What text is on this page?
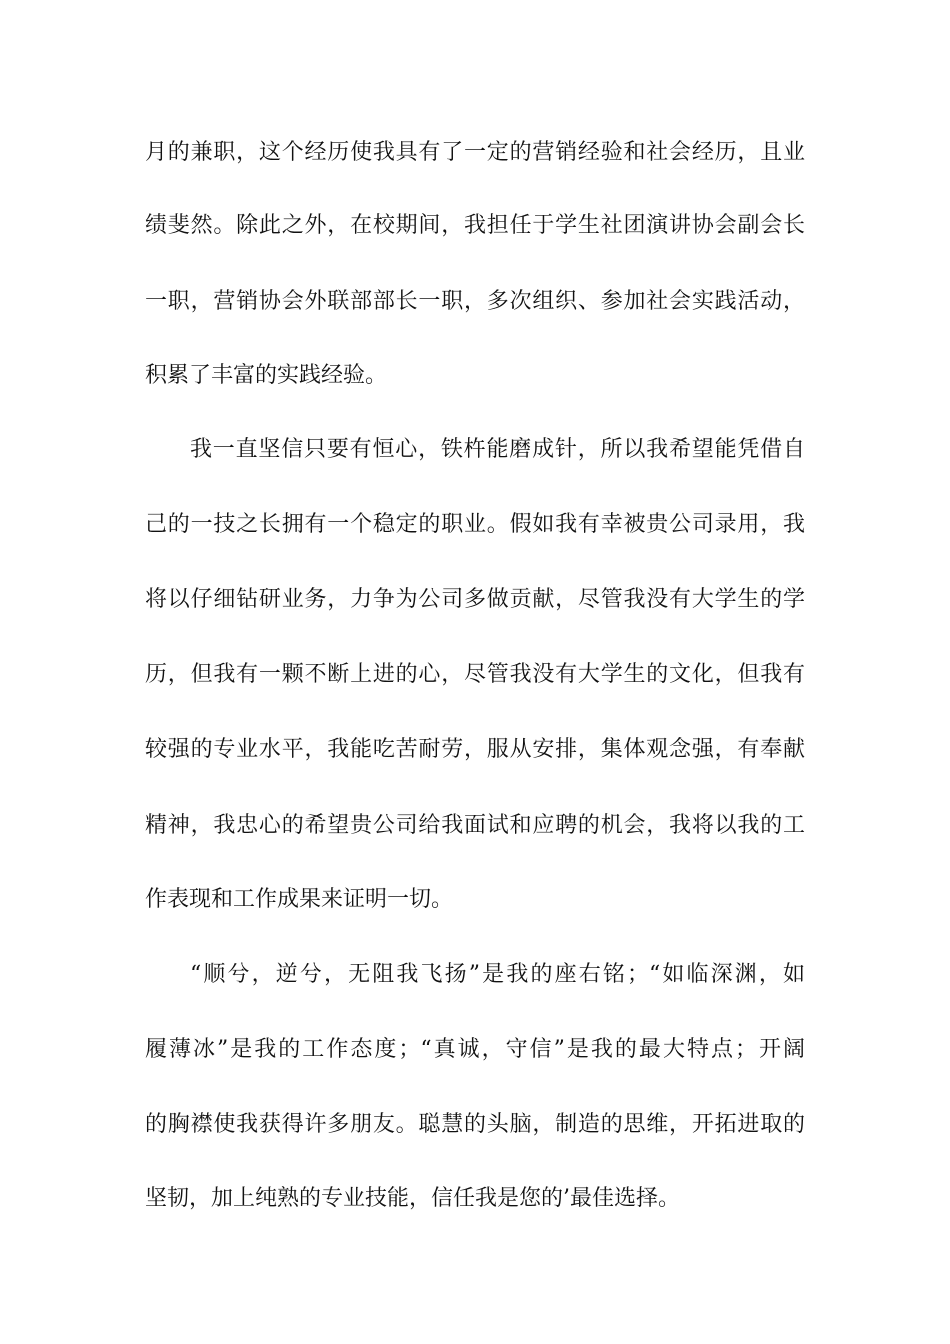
月的兼职，这个经历使我具有了一定的营销经验和社会经历，且业
绩斐然。除此之外，在校期间，我担任于学生社团演讲协会副会长
一职，营销协会外联部部长一职，多次组织、参加社会实践活动，
积累了丰富的实践经验。
我一直坚信只要有恒心，铁杵能磨成针，所以我希望能凭借自
己的一技之长拥有一个稳定的职业。假如我有幸被贵公司录用，我
将以仔细钻研业务，力争为公司多做贡献，尽管我没有大学生的学
历，但我有一颗不断上进的心，尽管我没有大学生的文化，但我有
较强的专业水平，我能吃苦耐劳，服从安排，集体观念强，有奉献
精神，我忠心的希望贵公司给我面试和应聘的机会，我将以我的工
作表现和工作成果来证明一切。
“顺兮，逆兮，无阻我飞扬”是我的座右铭；“如临深渊，如
履薄冰”是我的工作态度；“真诚，守信”是我的最大特点；开阔
的胸襟使我获得许多朋友。聪慧的头脑，制造的思维，开拓进取的
坚韧，加上纯熟的专业技能，信任我是您的’最佳选择。
